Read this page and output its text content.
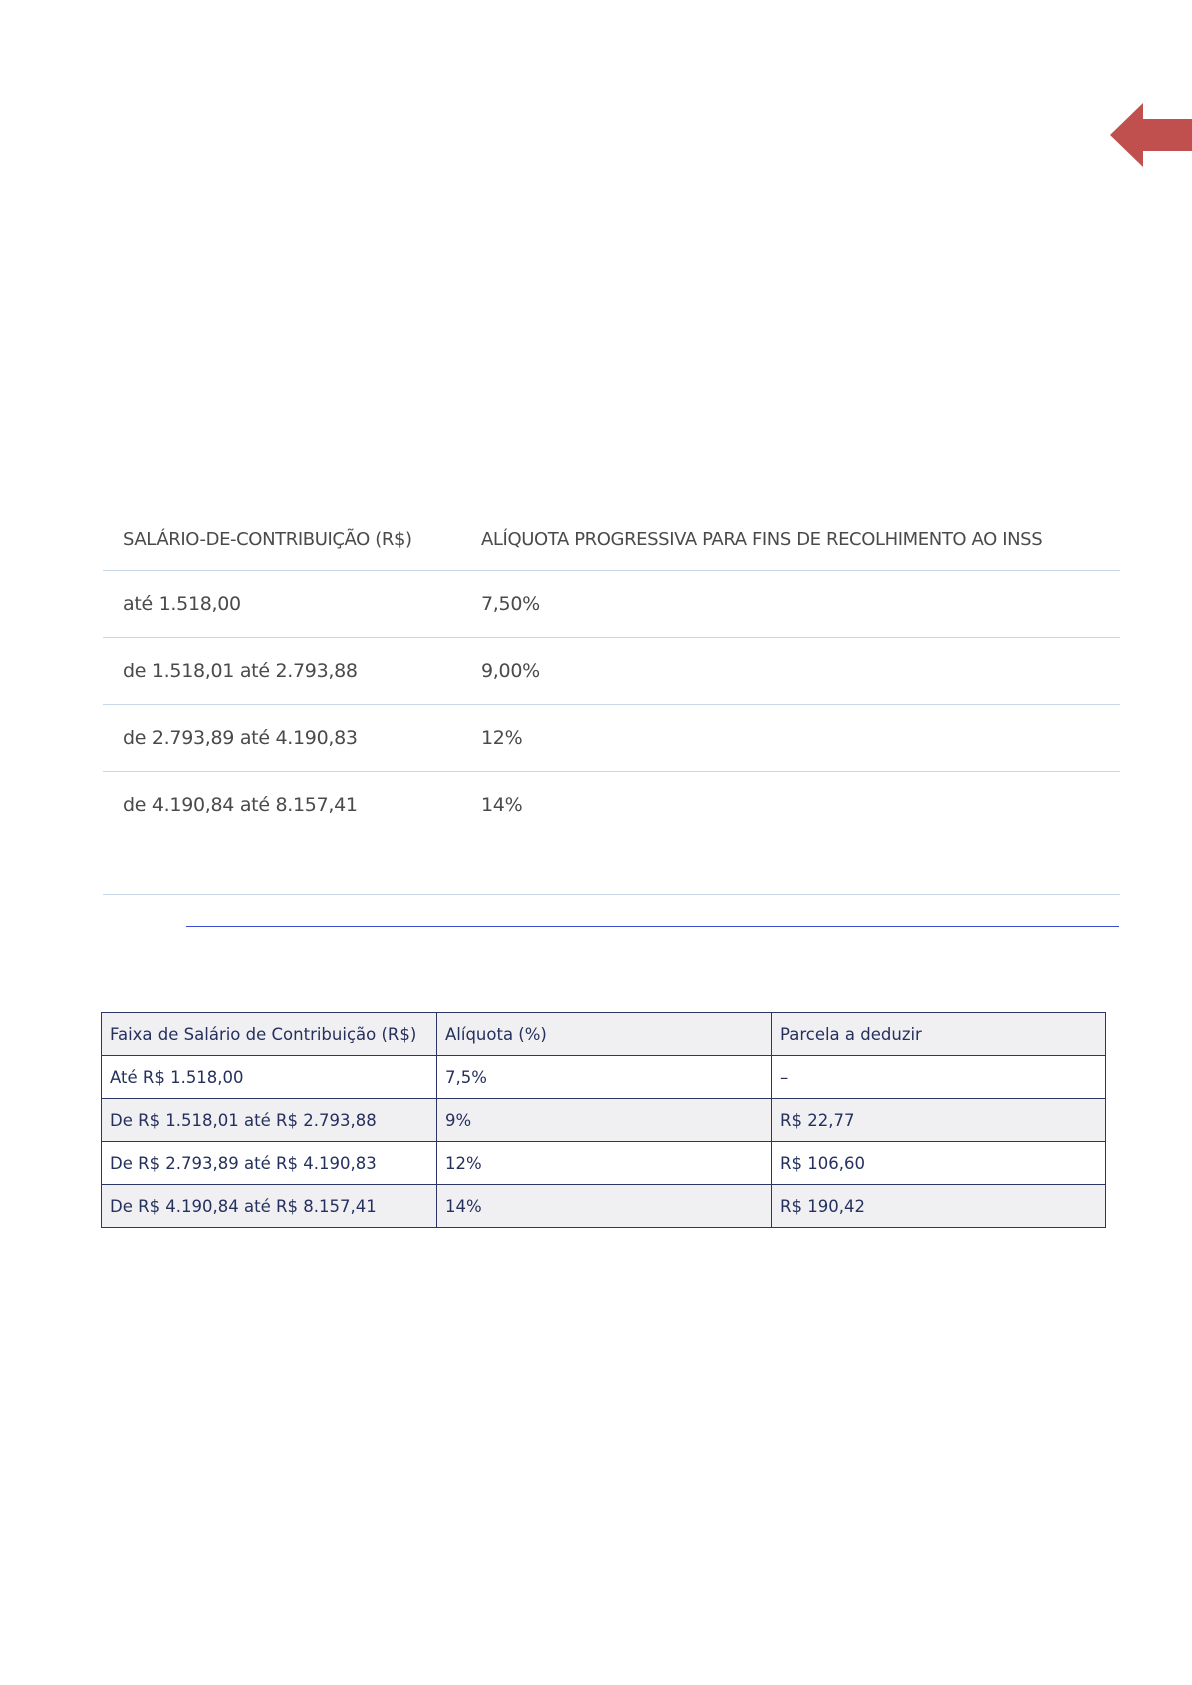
SALÁRIO-DE-CONTRIBUIÇÃO (R$)	ALÍQUOTA PROGRESSIVA PARA FINS DE RECOLHIMENTO AO INSS
até 1.518,00	7,50%
de 1.518,01 até 2.793,88	9,00%
de 2.793,89 até 4.190,83	12%
de 4.190,84 até 8.157,41	14%
Faixa de Salário de Contribuição (R$)	Alíquota (%)	Parcela a deduzir
Até R$ 1.518,00	7,5%	–
De R$ 1.518,01 até R$ 2.793,88	9%	R$ 22,77
De R$ 2.793,89 até R$ 4.190,83	12%	R$ 106,60
De R$ 4.190,84 até R$ 8.157,41	14%	R$ 190,42
